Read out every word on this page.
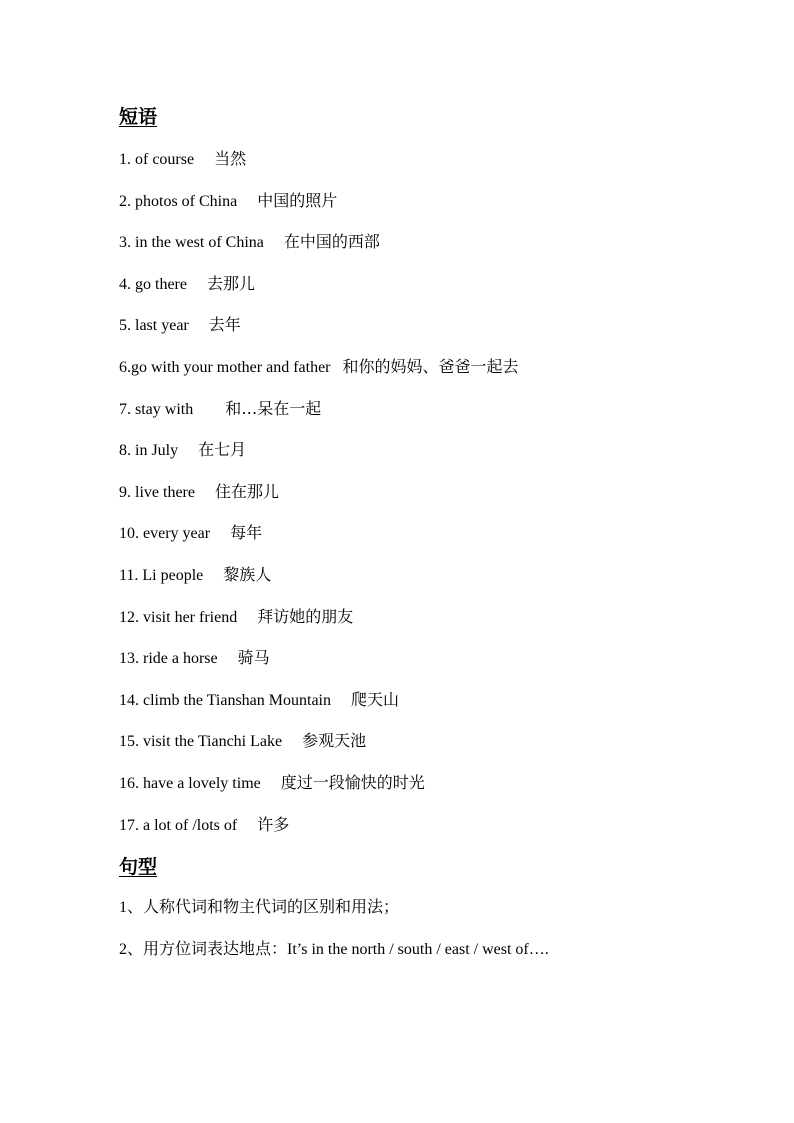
短语
1. of course 当然
2. photos of China 中国的照片
3. in the west of China 在中国的西部
4. go there 去那儿
5. last year 去年
6.go with your mother and father 和你的妈妈、爸爸一起去
7. stay with 和…呆在一起
8. in July 在七月
9. live there 住在那儿
10. every year 每年
11. Li people 黎族人
12. visit her friend 拜访她的朋友
13. ride a horse 骑马
14. climb the Tianshan Mountain 爬天山
15. visit the Tianchi Lake 参观天池
16. have a lovely time 度过一段愉快的时光
17. a lot of /lots of 许多
句型
1、人称代词和物主代词的区别和用法；
2、用方位词表达地点：It’s in the north / south / east / west of….
